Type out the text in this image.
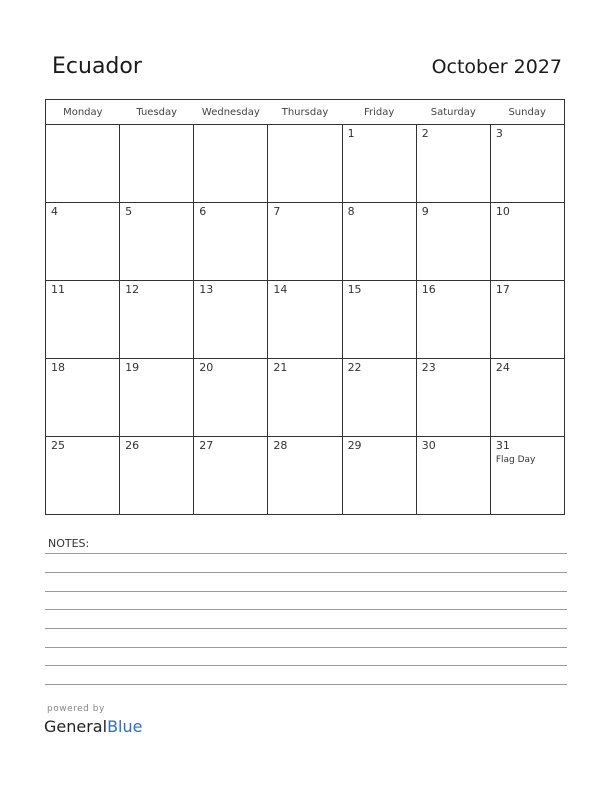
Ecuador	October 2027
Monday	Tuesday	Wednesday	Thursday	Friday	Saturday	Sunday

				1	2	3

4	5	6	7	8	9	10

11	12	13	14	15	16	17

18	19	20	21	22	23	24

25	26	27	28	29	30	31
Flag Day
NOTES:
powered by
GeneralBlue
